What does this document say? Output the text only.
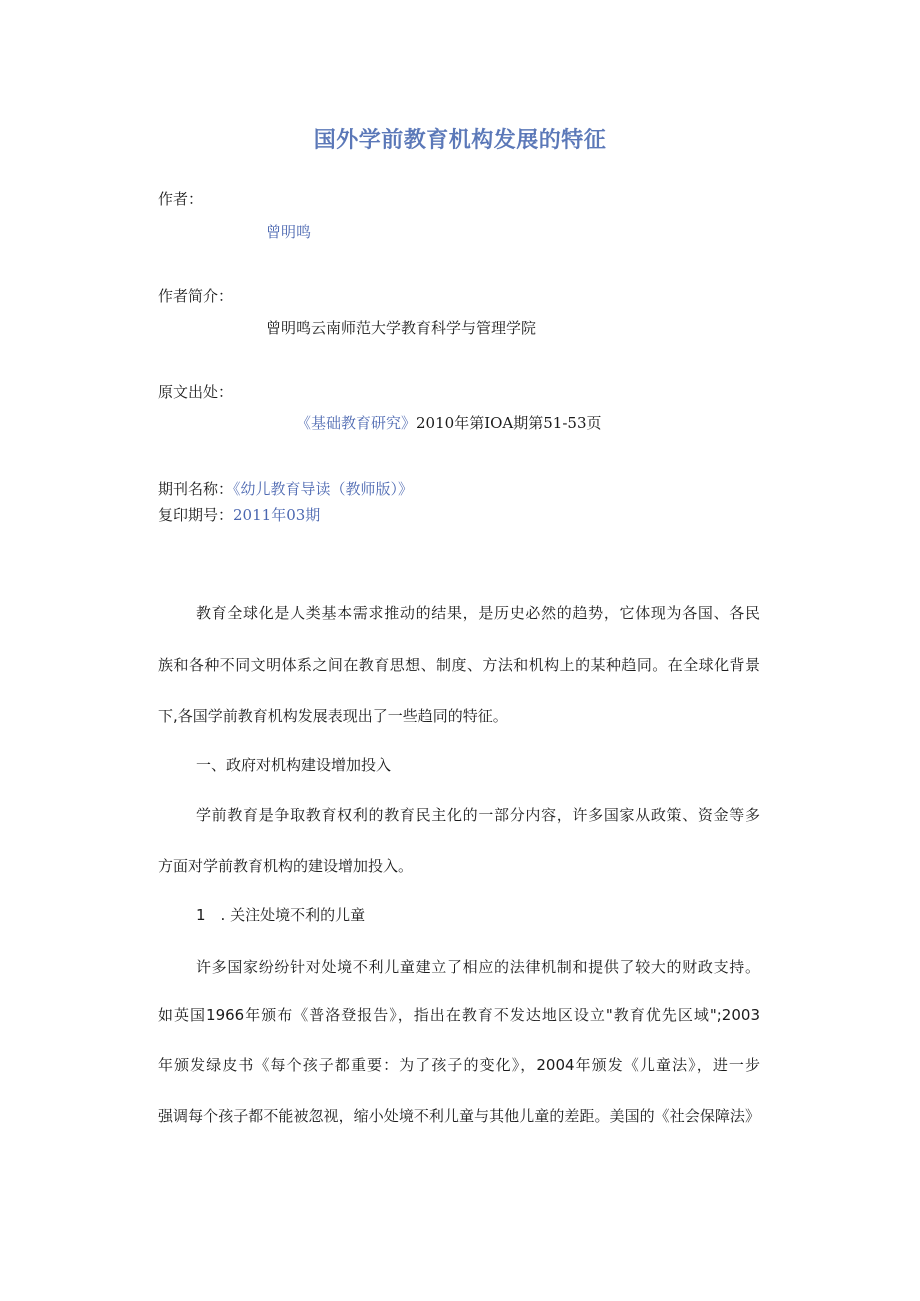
国外学前教育机构发展的特征
作者：
曾明鸣
作者简介：
曾明鸣云南师范大学教育科学与管理学院
原文出处：
《基础教育研究》2010年第IOA期第51-53页
期刊名称：《幼儿教育导读（教师版）》
复印期号：2011年03期
教育全球化是人类基本需求推动的结果，是历史必然的趋势，它体现为各国、各民
族和各种不同文明体系之间在教育思想、制度、方法和机构上的某种趋同。在全球化背景
下,各国学前教育机构发展表现出了一些趋同的特征。
一、政府对机构建设增加投入
学前教育是争取教育权利的教育民主化的一部分内容，许多国家从政策、资金等多
方面对学前教育机构的建设增加投入。
1　. 关注处境不利的儿童
许多国家纷纷针对处境不利儿童建立了相应的法律机制和提供了较大的财政支持。
如英国1966年颁布《普洛登报告》，指出在教育不发达地区设立"教育优先区域";2003
年颁发绿皮书《每个孩子都重要：为了孩子的变化》，2004年颁发《儿童法》，进一步
强调每个孩子都不能被忽视，缩小处境不利儿童与其他儿童的差距。美国的《社会保障法》
